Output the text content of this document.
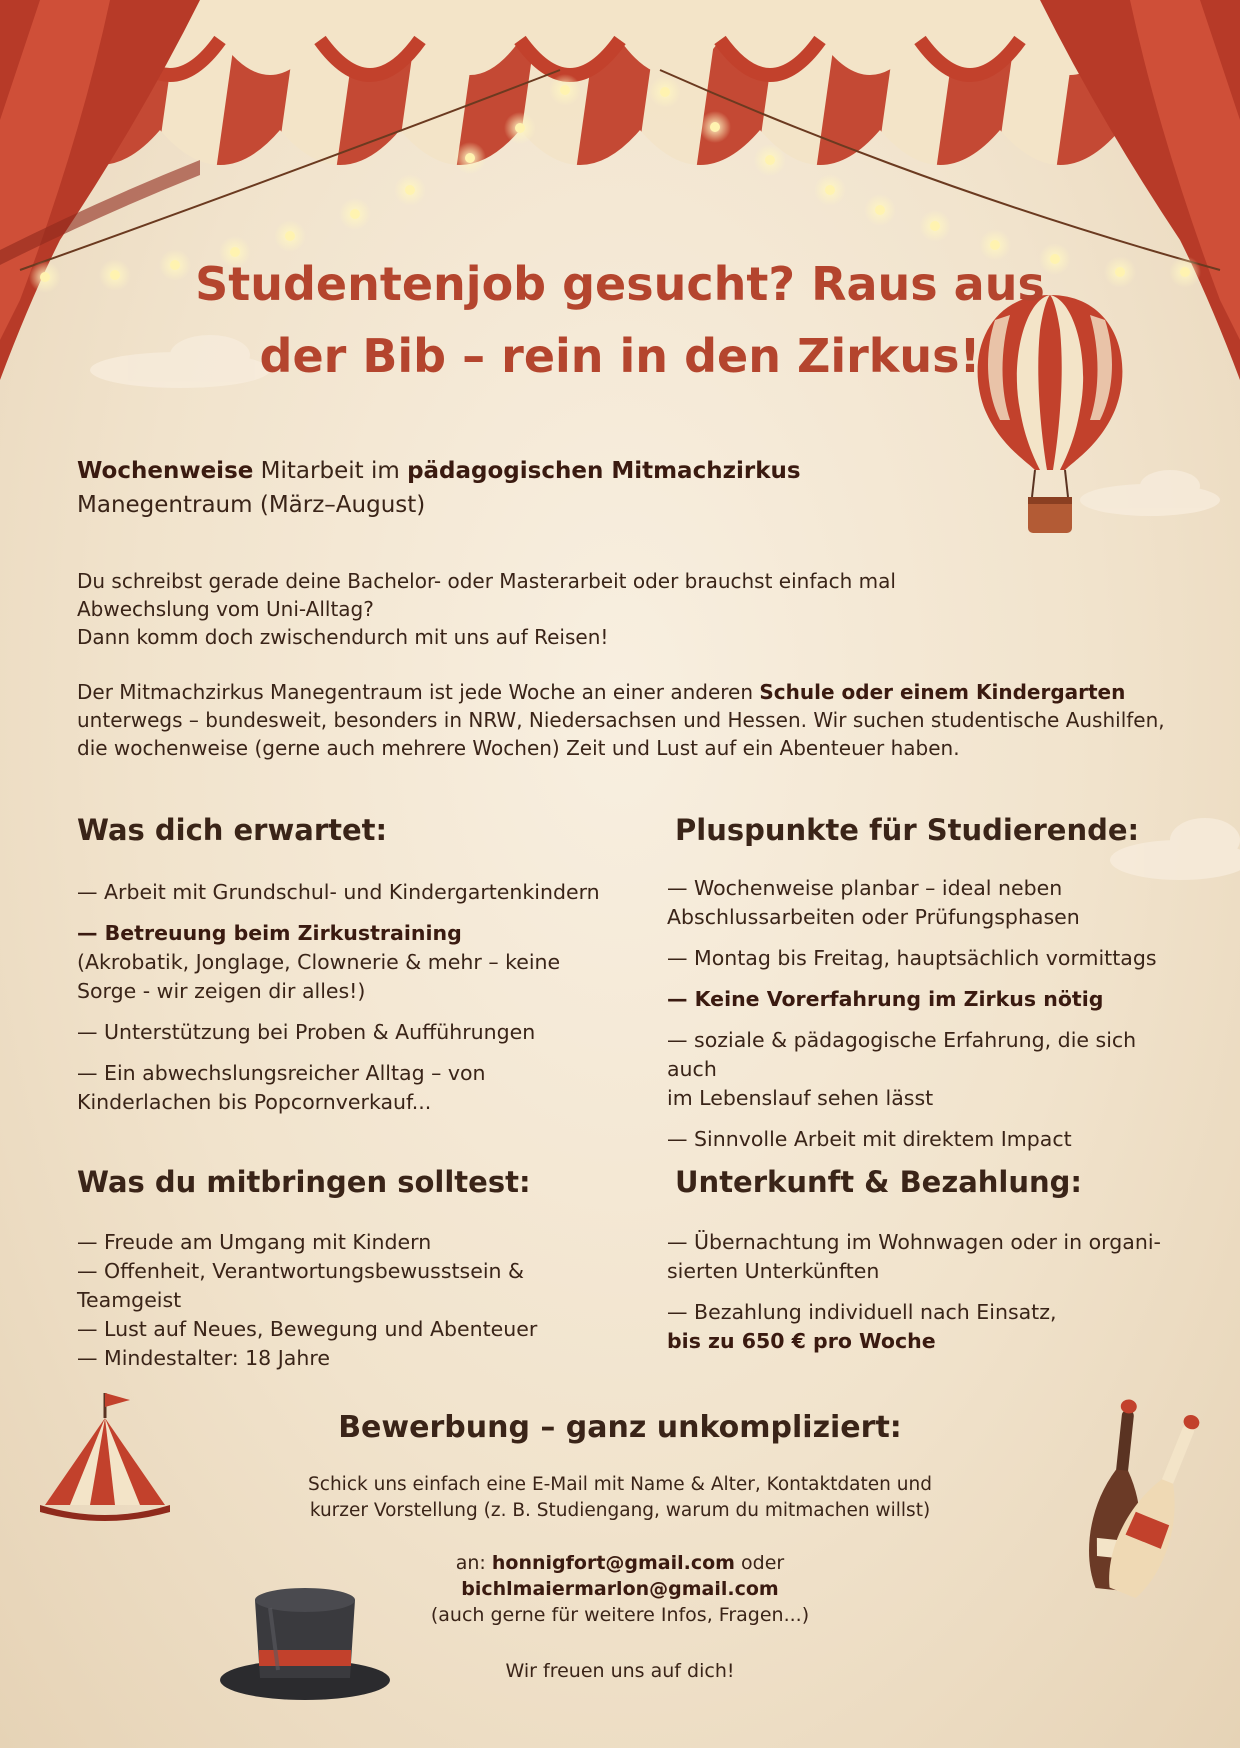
Studentenjob gesucht? Raus aus
der Bib – rein in den Zirkus!
Wochenweise Mitarbeit im pädagogischen Mitmachzirkus
Manegentraum (März–August)
Du schreibst gerade deine Bachelor- oder Masterarbeit oder brauchst einfach mal
Abwechslung vom Uni-Alltag?
Dann komm doch zwischendurch mit uns auf Reisen!
Der Mitmachzirkus Manegentraum ist jede Woche an einer anderen Schule oder einem Kindergarten
unterwegs – bundesweit, besonders in NRW, Niedersachsen und Hessen. Wir suchen studentische Aushilfen,
die wochenweise (gerne auch mehrere Wochen) Zeit und Lust auf ein Abenteuer haben.
Was dich erwartet:

— Arbeit mit Grundschul- und Kindergartenkindern

— Betreuung beim Zirkustraining
(Akrobatik, Jonglage, Clownerie & mehr – keine
Sorge - wir zeigen dir alles!)

— Unterstützung bei Proben & Aufführungen

— Ein abwechslungsreicher Alltag – von
Kinderlachen bis Popcornverkauf...

Pluspunkte für Studierende:

— Wochenweise planbar – ideal neben
Abschlussarbeiten oder Prüfungsphasen

— Montag bis Freitag, hauptsächlich vormittags

— Keine Vorerfahrung im Zirkus nötig

— soziale & pädagogische Erfahrung, die sich auch
im Lebenslauf sehen lässt

— Sinnvolle Arbeit mit direktem Impact

Was du mitbringen solltest:
— Freude am Umgang mit Kindern
— Offenheit, Verantwortungsbewusstsein &
Teamgeist
— Lust auf Neues, Bewegung und Abenteuer
— Mindestalter: 18 Jahre
Unterkunft & Bezahlung:

— Übernachtung im Wohnwagen oder in organi-
sierten Unterkünften

— Bezahlung individuell nach Einsatz,
bis zu 650 € pro Woche

Bewerbung – ganz unkompliziert:
Schick uns einfach eine E-Mail mit Name & Alter, Kontaktdaten und
kurzer Vorstellung (z. B. Studiengang, warum du mitmachen willst)
an: honnigfort@gmail.com oder
bichlmaiermarlon@gmail.com
(auch gerne für weitere Infos, Fragen...)
Wir freuen uns auf dich!
